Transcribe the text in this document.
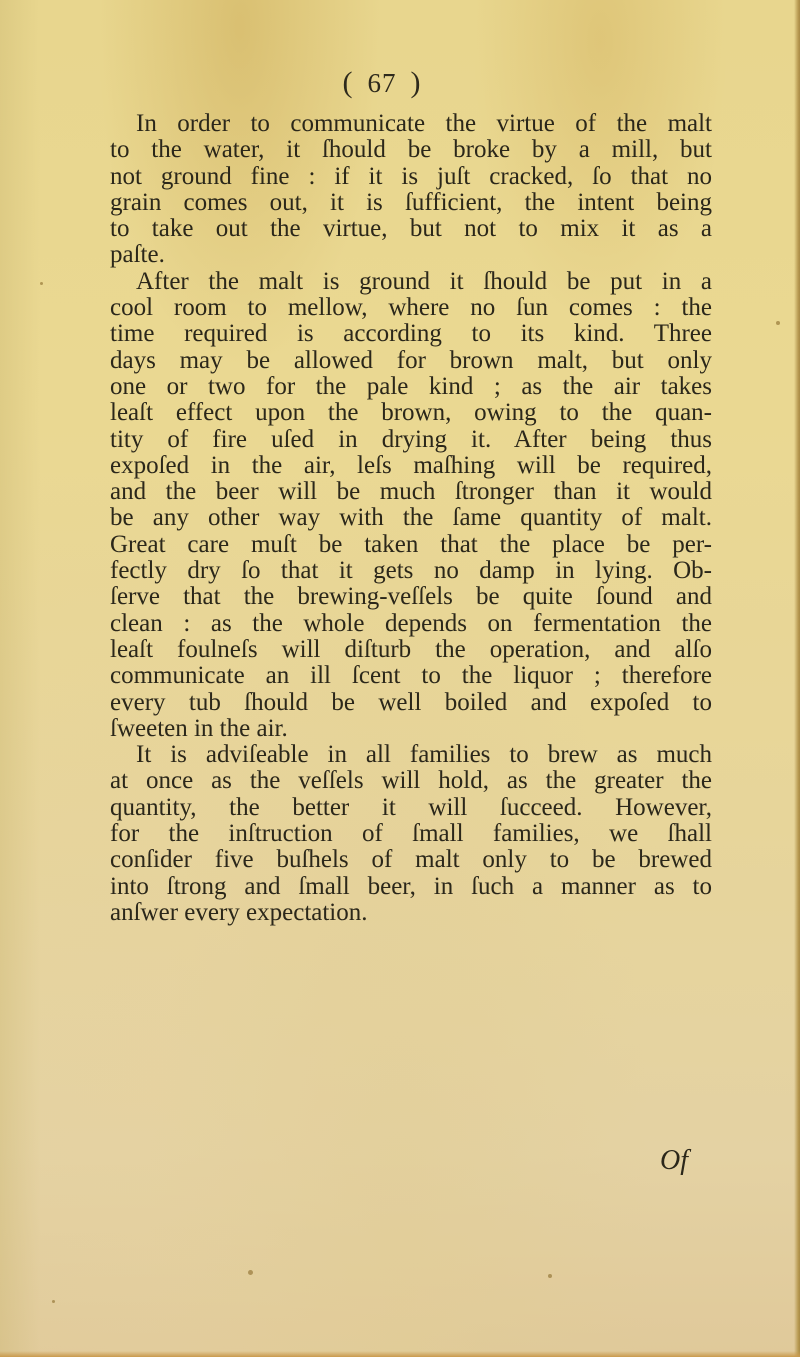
( 67 )
In order to communicate the virtue of the malt
to the water, it ſhould be broke by a mill, but
not ground fine : if it is juſt cracked, ſo that no
grain comes out, it is ſufficient, the intent being
to take out the virtue, but not to mix it as a
paſte.
After the malt is ground it ſhould be put in a
cool room to mellow, where no ſun comes : the
time required is according to its kind. Three
days may be allowed for brown malt, but only
one or two for the pale kind ; as the air takes
leaſt effect upon the brown, owing to the quan-
tity of fire uſed in drying it. After being thus
expoſed in the air, leſs maſhing will be required,
and the beer will be much ſtronger than it would
be any other way with the ſame quantity of malt.
Great care muſt be taken that the place be per-
fectly dry ſo that it gets no damp in lying. Ob-
ſerve that the brewing-veſſels be quite ſound and
clean : as the whole depends on fermentation the
leaſt foulneſs will diſturb the operation, and alſo
communicate an ill ſcent to the liquor ; therefore
every tub ſhould be well boiled and expoſed to
ſweeten in the air.
It is adviſeable in all families to brew as much
at once as the veſſels will hold, as the greater the
quantity, the better it will ſucceed. However,
for the inſtruction of ſmall families, we ſhall
conſider five buſhels of malt only to be brewed
into ſtrong and ſmall beer, in ſuch a manner as to
anſwer every expectation.
Of
